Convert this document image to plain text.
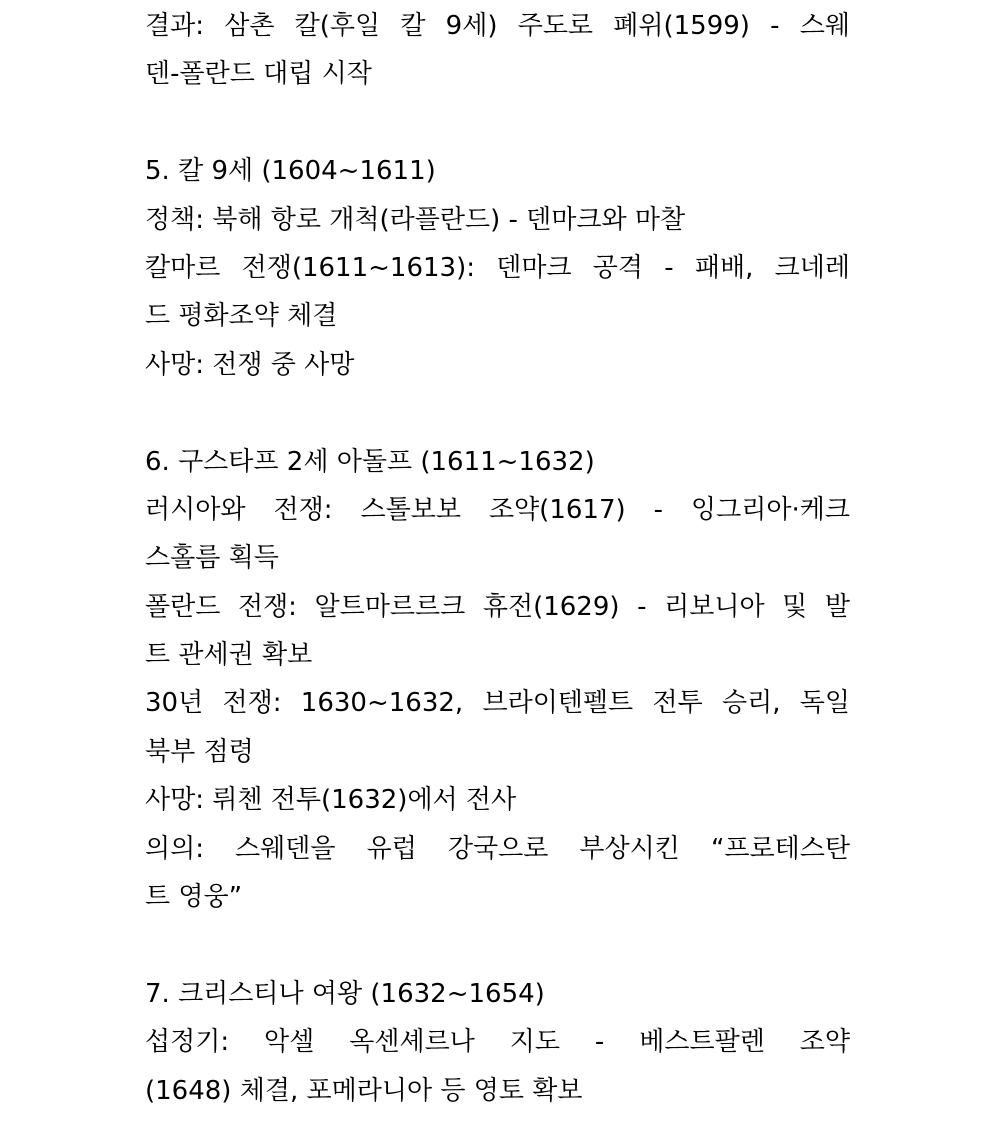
결과: 삼촌 칼(후일 칼 9세) 주도로 폐위(1599) - 스웨
덴-폴란드 대립 시작
5. 칼 9세 (1604~1611)
정책: 북해 항로 개척(라플란드) - 덴마크와 마찰
칼마르 전쟁(1611~1613): 덴마크 공격 - 패배, 크네레
드 평화조약 체결
사망: 전쟁 중 사망
6. 구스타프 2세 아돌프 (1611~1632)
러시아와 전쟁: 스톨보보 조약(1617) - 잉그리아·케크
스홀름 획득
폴란드 전쟁: 알트마르르크 휴전(1629) - 리보니아 및 발
트 관세권 확보
30년 전쟁: 1630~1632, 브라이텐펠트 전투 승리, 독일
북부 점령
사망: 뤼첸 전투(1632)에서 전사
의의: 스웨덴을 유럽 강국으로 부상시킨 “프로테스탄
트 영웅”
7. 크리스티나 여왕 (1632~1654)
섭정기: 악셀 옥센셰르나 지도 - 베스트팔렌 조약
(1648) 체결, 포메라니아 등 영토 확보
